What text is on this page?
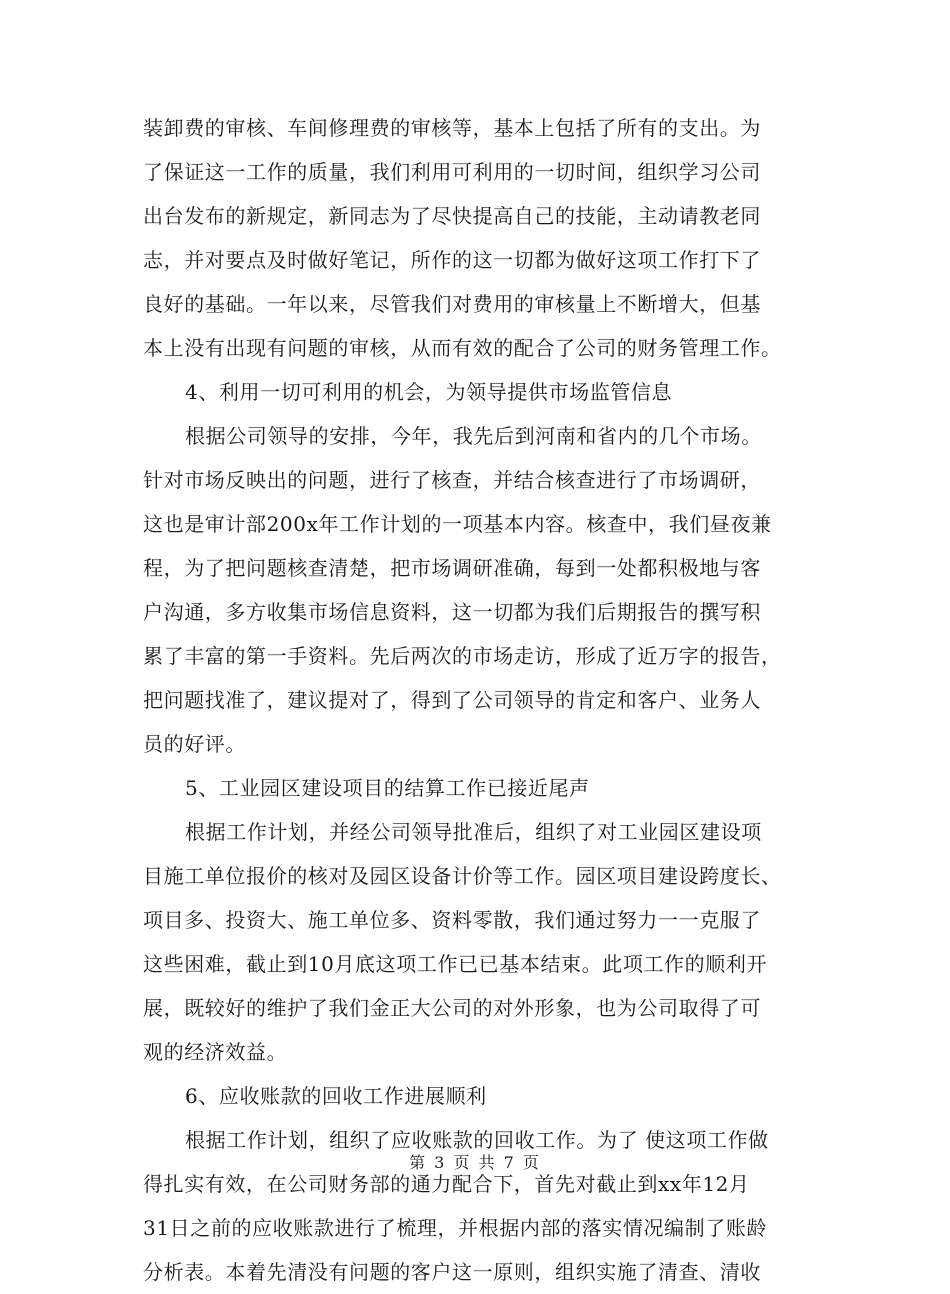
装卸费的审核、车间修理费的审核等，基本上包括了所有的支出。为
了保证这一工作的质量，我们利用可利用的一切时间，组织学习公司
出台发布的新规定，新同志为了尽快提高自己的技能，主动请教老同
志，并对要点及时做好笔记，所作的这一切都为做好这项工作打下了
良好的基础。一年以来，尽管我们对费用的审核量上不断增大，但基
本上没有出现有问题的审核，从而有效的配合了公司的财务管理工作。
4、利用一切可利用的机会，为领导提供市场监管信息
根据公司领导的安排，今年，我先后到河南和省内的几个市场。
针对市场反映出的问题，进行了核查，并结合核查进行了市场调研，
这也是审计部200x年工作计划的一项基本内容。核查中，我们昼夜兼
程，为了把问题核查清楚，把市场调研准确，每到一处都积极地与客
户沟通，多方收集市场信息资料，这一切都为我们后期报告的撰写积
累了丰富的第一手资料。先后两次的市场走访，形成了近万字的报告，
把问题找准了，建议提对了，得到了公司领导的肯定和客户、业务人
员的好评。
5、工业园区建设项目的结算工作已接近尾声
根据工作计划，并经公司领导批准后，组织了对工业园区建设项
目施工单位报价的核对及园区设备计价等工作。园区项目建设跨度长、
项目多、投资大、施工单位多、资料零散，我们通过努力一一克服了
这些困难，截止到10月底这项工作已已基本结束。此项工作的顺利开
展，既较好的维护了我们金正大公司的对外形象，也为公司取得了可
观的经济效益。
6、应收账款的回收工作进展顺利
根据工作计划，组织了应收账款的回收工作。为了 使这项工作做
得扎实有效，在公司财务部的通力配合下，首先对截止到xx年12月
31日之前的应收账款进行了梳理，并根据内部的落实情况编制了账龄
分析表。本着先清没有问题的客户这一原则，组织实施了清查、清收
第 3 页 共 7 页
